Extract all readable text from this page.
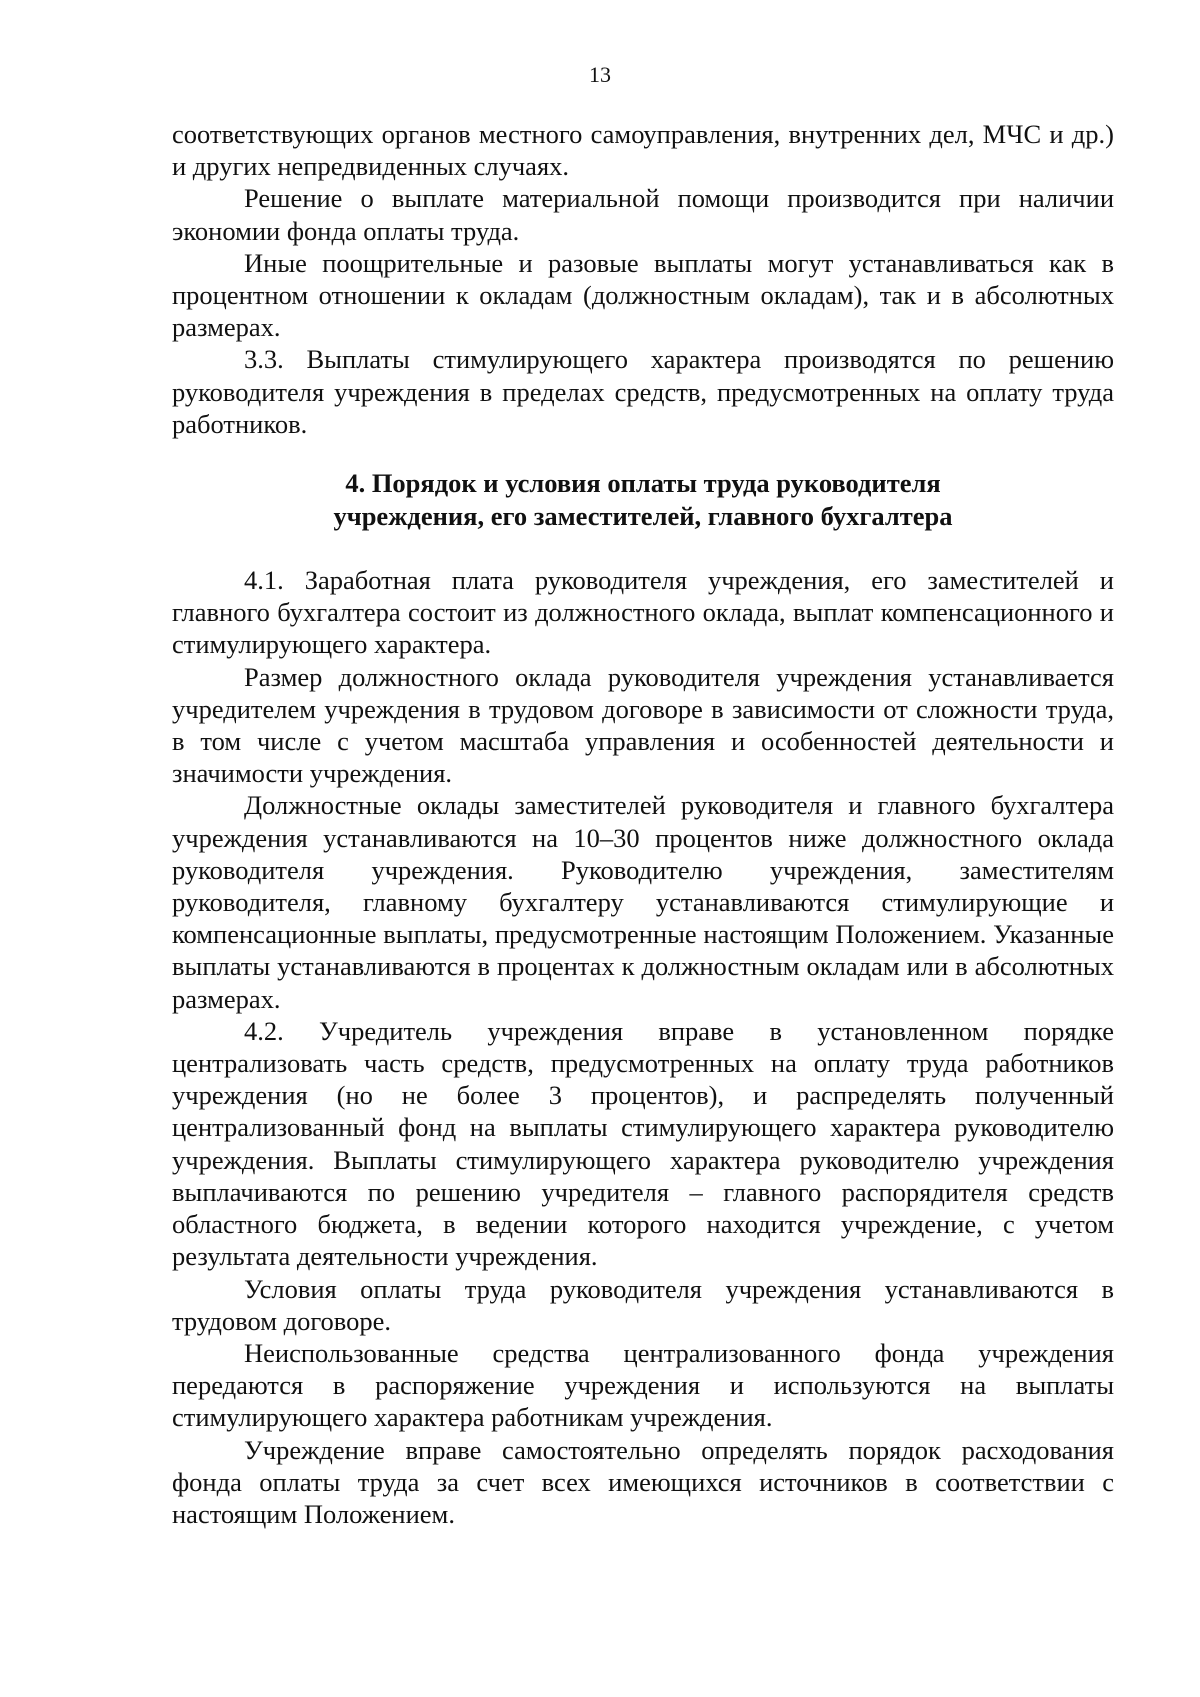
13

соответствующих органов местного самоуправления, внутренних дел, МЧС и др.) и других непредвиденных случаях.

Решение о выплате материальной помощи производится при наличии экономии фонда оплаты труда.

Иные поощрительные и разовые выплаты могут устанавливаться как в процентном отношении к окладам (должностным окладам), так и в абсолютных размерах.

3.3. Выплаты стимулирующего характера производятся по решению руководителя учреждения в пределах средств, предусмотренных на оплату труда работников.

4. Порядок и условия оплаты труда руководителя
учреждения, его заместителей, главного бухгалтера

4.1. Заработная плата руководителя учреждения, его заместителей и главного бухгалтера состоит из должностного оклада, выплат компенсационного и стимулирующего характера.

Размер должностного оклада руководителя учреждения устанавливается учредителем учреждения в трудовом договоре в зависимости от сложности труда, в том числе с учетом масштаба управления и особенностей деятельности и значимости учреждения.

Должностные оклады заместителей руководителя и главного бухгалтера учреждения устанавливаются на 10–30 процентов ниже должностного оклада руководителя учреждения. Руководителю учреждения, заместителям руководителя, главному бухгалтеру устанавливаются стимулирующие и компенсационные выплаты, предусмотренные настоящим Положением. Указанные выплаты устанавливаются в процентах к должностным окладам или в абсолютных размерах.

4.2. Учредитель учреждения вправе в установленном порядке централизовать часть средств, предусмотренных на оплату труда работников учреждения (но не более 3 процентов), и распределять полученный централизованный фонд на выплаты стимулирующего характера руководителю учреждения. Выплаты стимулирующего характера руководителю учреждения выплачиваются по решению учредителя – главного распорядителя средств областного бюджета, в ведении которого находится учреждение, с учетом результата деятельности учреждения.

Условия оплаты труда руководителя учреждения устанавливаются в трудовом договоре.

Неиспользованные средства централизованного фонда учреждения передаются в распоряжение учреждения и используются на выплаты стимулирующего характера работникам учреждения.

Учреждение вправе самостоятельно определять порядок расходования фонда оплаты труда за счет всех имеющихся источников в соответствии с настоящим Положением.
